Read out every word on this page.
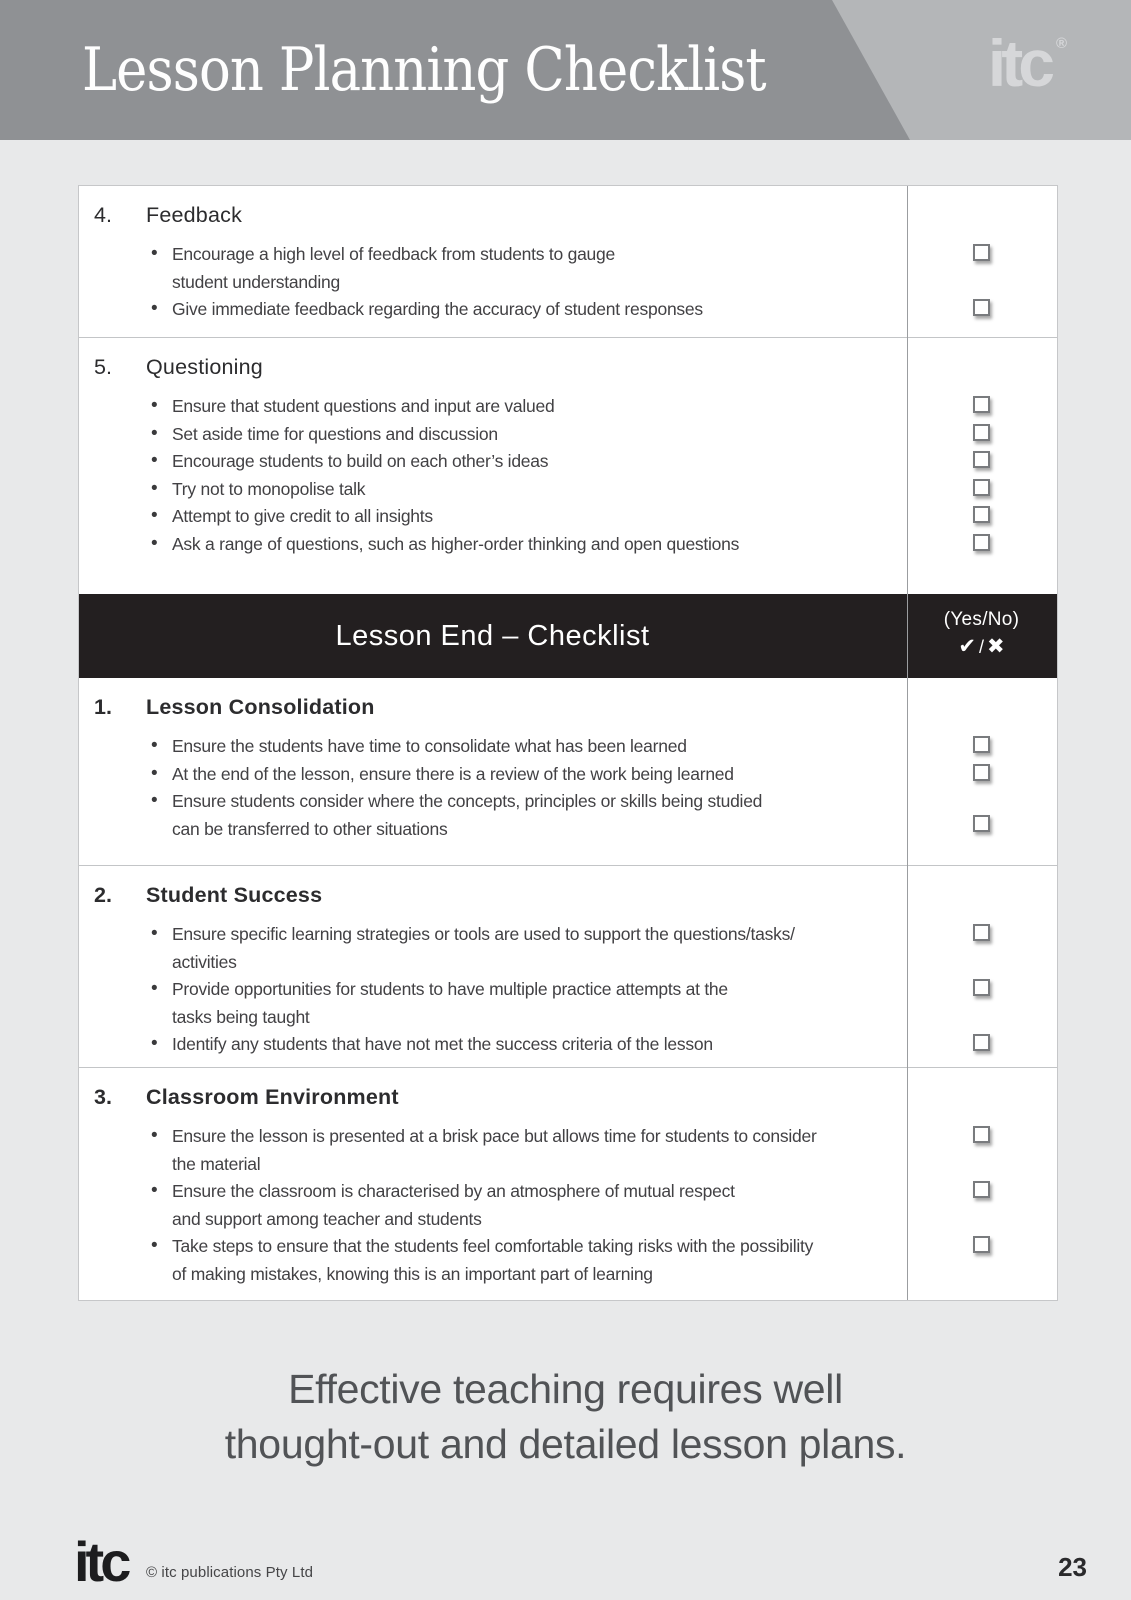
Lesson Planning Checklist	itc ®
4.	Feedback
• Encourage a high level of feedback from students to gauge
student understanding
• Give immediate feedback regarding the accuracy of student responses
5.	Questioning
• Ensure that student questions and input are valued
• Set aside time for questions and discussion
• Encourage students to build on each other’s ideas
• Try not to monopolise talk
• Attempt to give credit to all insights
• Ask a range of questions, such as higher-order thinking and open questions
Lesson End – Checklist	(Yes/No)
✔ / ✖
1.	Lesson Consolidation
• Ensure the students have time to consolidate what has been learned
• At the end of the lesson, ensure there is a review of the work being learned
• Ensure students consider where the concepts, principles or skills being studied
can be transferred to other situations
2.	Student Success
• Ensure specific learning strategies or tools are used to support the questions/tasks/
activities
• Provide opportunities for students to have multiple practice attempts at the
tasks being taught
• Identify any students that have not met the success criteria of the lesson
3.	Classroom Environment
• Ensure the lesson is presented at a brisk pace but allows time for students to consider
the material
• Ensure the classroom is characterised by an atmosphere of mutual respect
and support among teacher and students
• Take steps to ensure that the students feel comfortable taking risks with the possibility
of making mistakes, knowing this is an important part of learning
Effective teaching requires well
thought-out and detailed lesson plans.
itc © itc publications Pty Ltd	23
